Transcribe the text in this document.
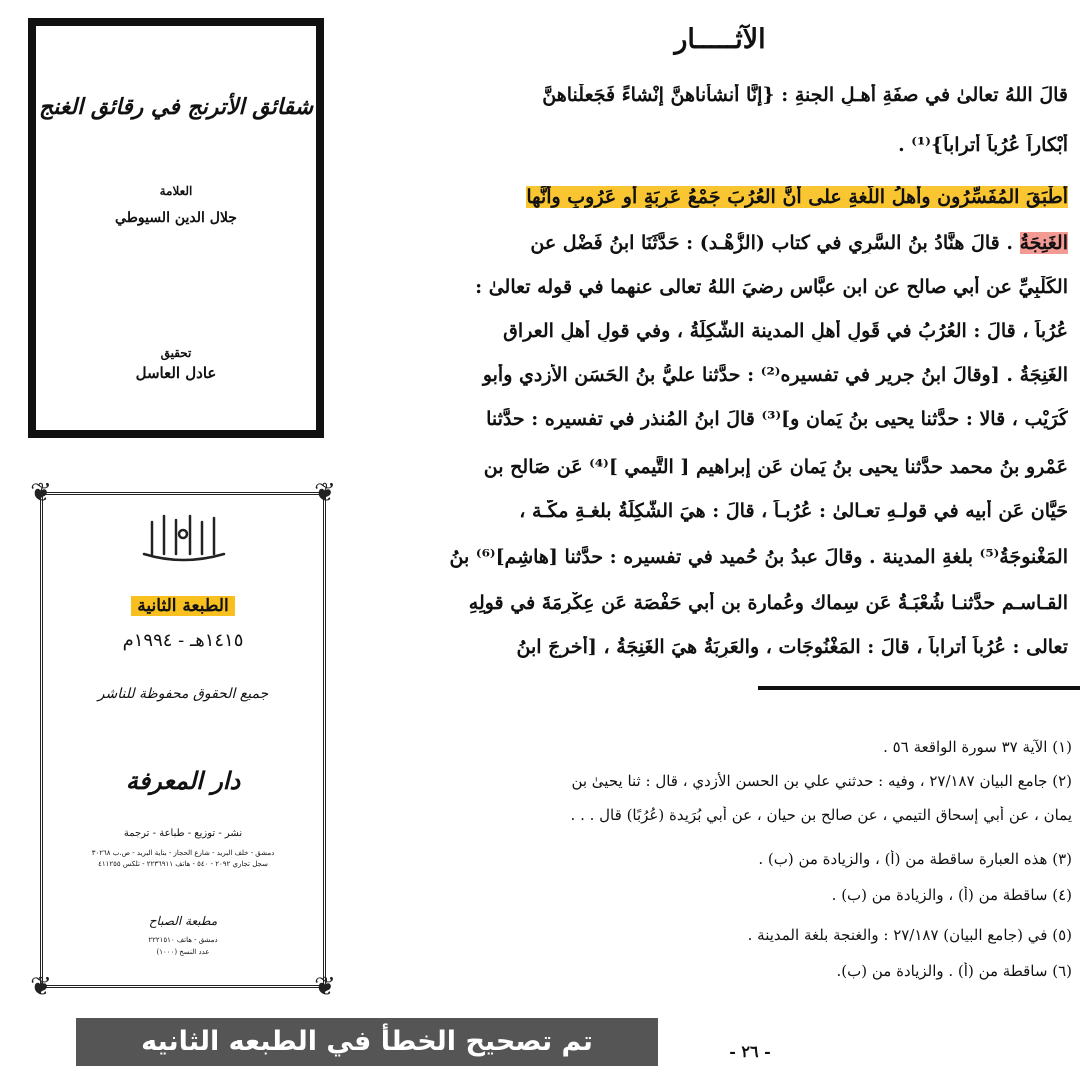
شقائق الأترنج في رقائق الغنج
العلامة
جلال الدين السيوطي
تحقيق
عادل العاسل
❦	❦
❦	❦
الطبعة الثانية
١٤١٥هـ - ١٩٩٤م
جميع الحقوق محفوظة للناشر
دار المعرفة
نشر - توزيع - طباعة - ترجمة
دمشق - خلف البريد - شارع الحجاز - بناية البريد - ص.ب ٣٠٢٦٨
سجل تجاري ٢٠٩٢ - ٥٤٠ - هاتف ٢٢٣٦٩١١ - تلكس ٤١١٢٥٥
مطبعة الصباح
دمشق - هاتف ٢٢٢١٥١٠
عدد النسخ (١٠٠٠)
تم تصحيح الخطأ في الطبعه الثانيه
الآثـــــار
قالَ اللهُ تعالىٰ في صفَةِ أهـلِ الجنةِ : {إنَّا أنشأْناهنَّ إنْشاءً فَجَعلْناهنَّ
أبْكاراً عُرُباً أتراباً}⁽¹⁾ .
أطْبَقَ المُفَسِّرُون وأهلُ اللُّغةِ على أنَّ العُرُبَ جَمْعُ عَرِبَةٍ أو عَرُوبٍ وأنَّها
الغَنِجَةُ . قالَ هنَّادُ بنُ السَّرِي في كتاب (الزُّهْـد) : حَدَّثَنَا ابنُ فَضْل عن
الكَلْبِيِّ عن أبي صالح عن ابن عبَّاس رضيَ اللهُ تعالى عنهما في قوله تعالىٰ :
عُرُباً ، قالَ : العُرُبُ في قَولِ أهلِ المدينة الشَّكِلَةُ ، وفي قولِ أهلِ العراقِ
الغَنِجَةُ . [وقالَ ابنُ جرير في تفسيره⁽²⁾ : حدَّثنا عليُّ بنُ الحَسَنِ الأزدي وأبو
كُرَيْب ، قالا : حدَّثنا يحيى بنُ يَمان و]⁽³⁾ قالَ ابنُ المُنذر في تفسيره : حدَّثنا
عَمْرو بنُ محمد حدَّثنا يحيى بنُ يَمان عَن إبراهيم [ التَّيمي ]⁽⁴⁾ عَن صَالح بن
حَيَّان عَن أبيه في قولـهِ تعـالىٰ : عُرُبـاً ، قالَ : هيَ الشَّكِلَةُ بلغـةِ مكّـة ،
المَغْنوجَةُ⁽⁵⁾ بلغةِ المدينة . وقالَ عبدُ بنُ حُميد في تفسيره : حدَّثنا [هاشِم]⁽⁶⁾ بنُ
القـاسـم حدَّثنـا شُعْبَـةُ عَن سِماك وعُمارة بن أبي حَفْصَة عَن عِكْرِمَةَ في قولِهِ
تعالى : عُرُباً أتراباً ، قالَ : المَغْنُوجَات ، والعَرِبَةُ هيَ الغَنِجَةُ ، [أخرجَ ابنُ
(١) الآية ٣٧ سورة الواقعة ٥٦ .
(٢) جامع البيان ٢٧/١٨٧ ، وفيه : حدثني علي بن الحسن الأزدي ، قال : ثنا يحيىٰ بن
يمان ، عن أبي إسحاق التيمي ، عن صالح بن حيان ، عن أبي بُرَيدة (عُرُبًا) قال . . .
(٣) هذه العبارة ساقطة من (أ) ، والزيادة من (ب) .
(٤) ساقطة من (أ) ، والزيادة من (ب) .
(٥) في (جامع البيان) ٢٧/١٨٧ : والغنجة بلغة المدينة .
(٦) ساقطة من (أ) . والزيادة من (ب).
- ٢٦ -
